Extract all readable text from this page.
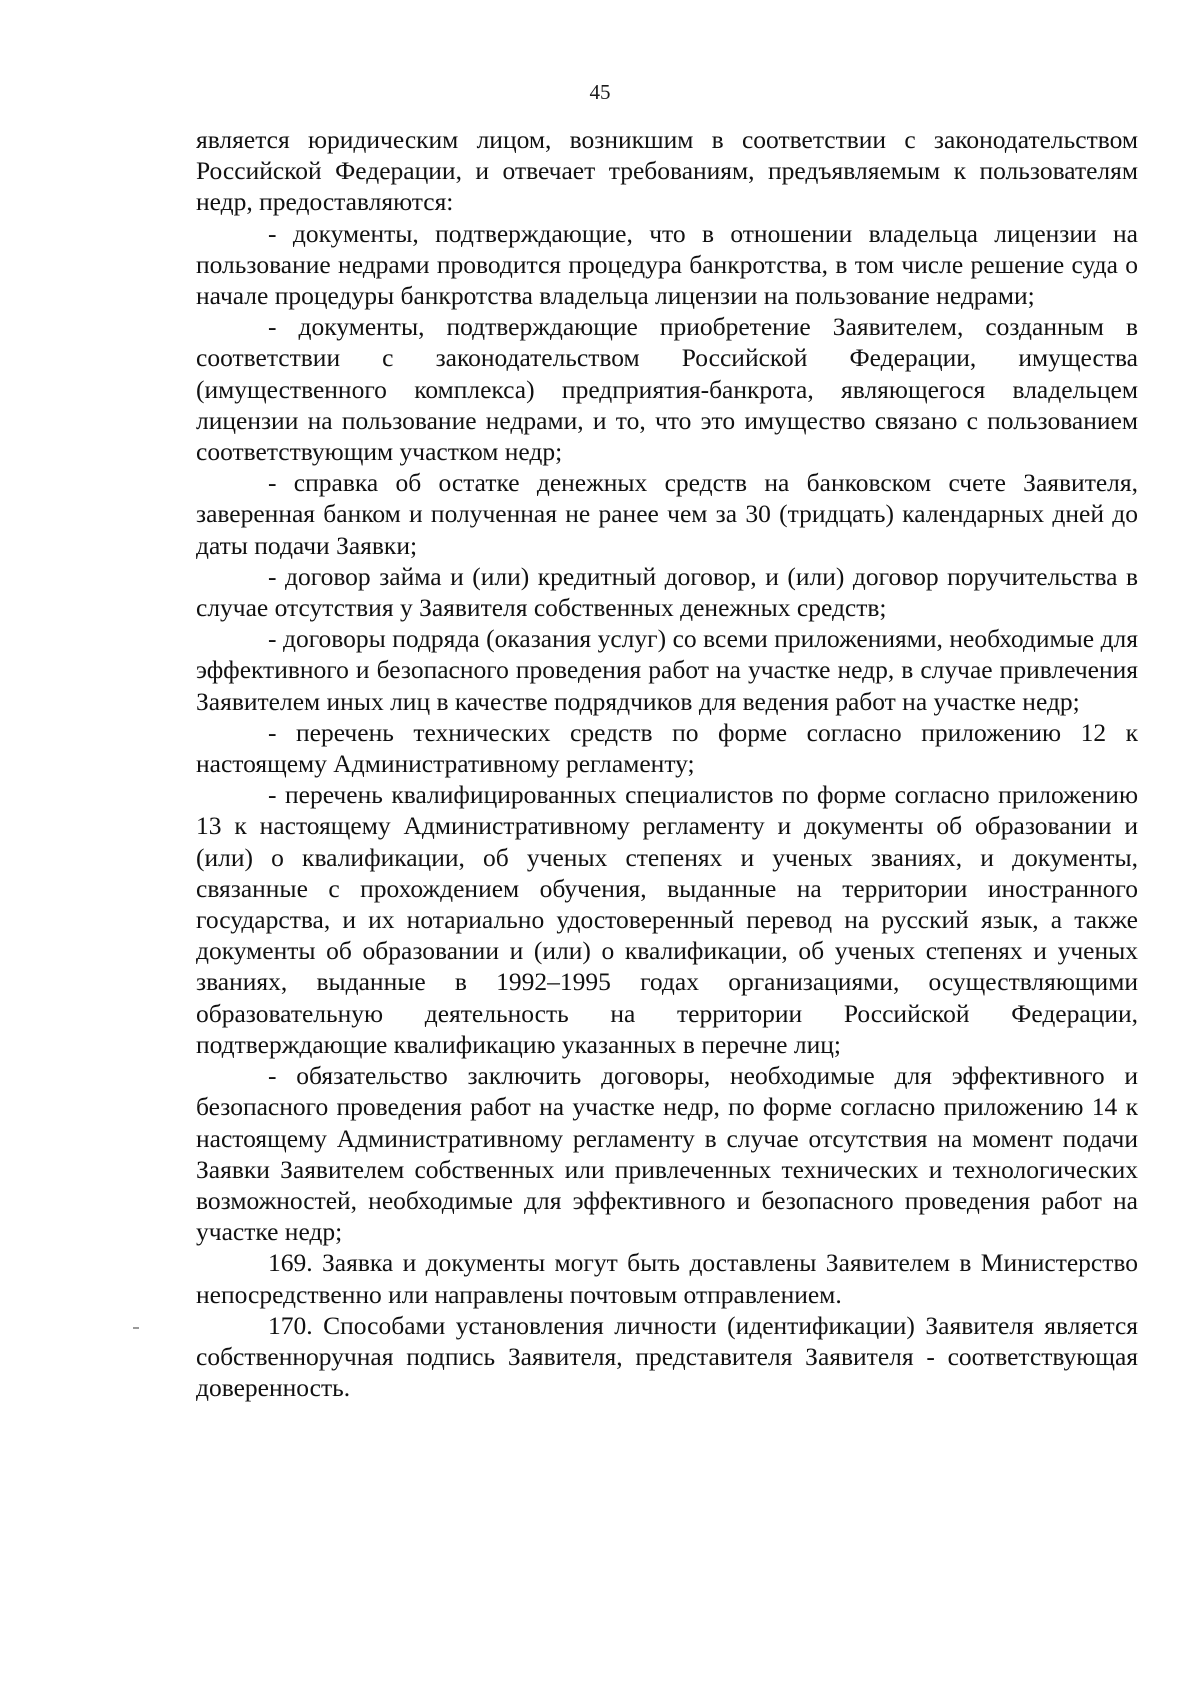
45

является юридическим лицом, возникшим в соответствии с законодательством Российской Федерации, и отвечает требованиям, предъявляемым к пользователям недр, предоставляются:

- документы, подтверждающие, что в отношении владельца лицензии на пользование недрами проводится процедура банкротства, в том числе решение суда о начале процедуры банкротства владельца лицензии на пользование недрами;

- документы, подтверждающие приобретение Заявителем, созданным в соответствии с законодательством Российской Федерации, имущества (имущественного комплекса) предприятия-банкрота, являющегося владельцем лицензии на пользование недрами, и то, что это имущество связано с пользованием соответствующим участком недр;

- справка об остатке денежных средств на банковском счете Заявителя, заверенная банком и полученная не ранее чем за 30 (тридцать) календарных дней до даты подачи Заявки;

- договор займа и (или) кредитный договор, и (или) договор поручительства в случае отсутствия у Заявителя собственных денежных средств;

- договоры подряда (оказания услуг) со всеми приложениями, необходимые для эффективного и безопасного проведения работ на участке недр, в случае привлечения Заявителем иных лиц в качестве подрядчиков для ведения работ на участке недр;

- перечень технических средств по форме согласно приложению 12 к настоящему Административному регламенту;

- перечень квалифицированных специалистов по форме согласно приложению 13 к настоящему Административному регламенту и документы об образовании и (или) о квалификации, об ученых степенях и ученых званиях, и документы, связанные с прохождением обучения, выданные на территории иностранного государства, и их нотариально удостоверенный перевод на русский язык, а также документы об образовании и (или) о квалификации, об ученых степенях и ученых званиях, выданные в 1992–1995 годах организациями, осуществляющими образовательную деятельность на территории Российской Федерации, подтверждающие квалификацию указанных в перечне лиц;

- обязательство заключить договоры, необходимые для эффективного и безопасного проведения работ на участке недр, по форме согласно приложению 14 к настоящему Административному регламенту в случае отсутствия на момент подачи Заявки Заявителем собственных или привлеченных технических и технологических возможностей, необходимые для эффективного и безопасного проведения работ на участке недр;

169. Заявка и документы могут быть доставлены Заявителем в Министерство непосредственно или направлены почтовым отправлением.

170. Способами установления личности (идентификации) Заявителя является собственноручная подпись Заявителя, представителя Заявителя - соответствующая доверенность.
